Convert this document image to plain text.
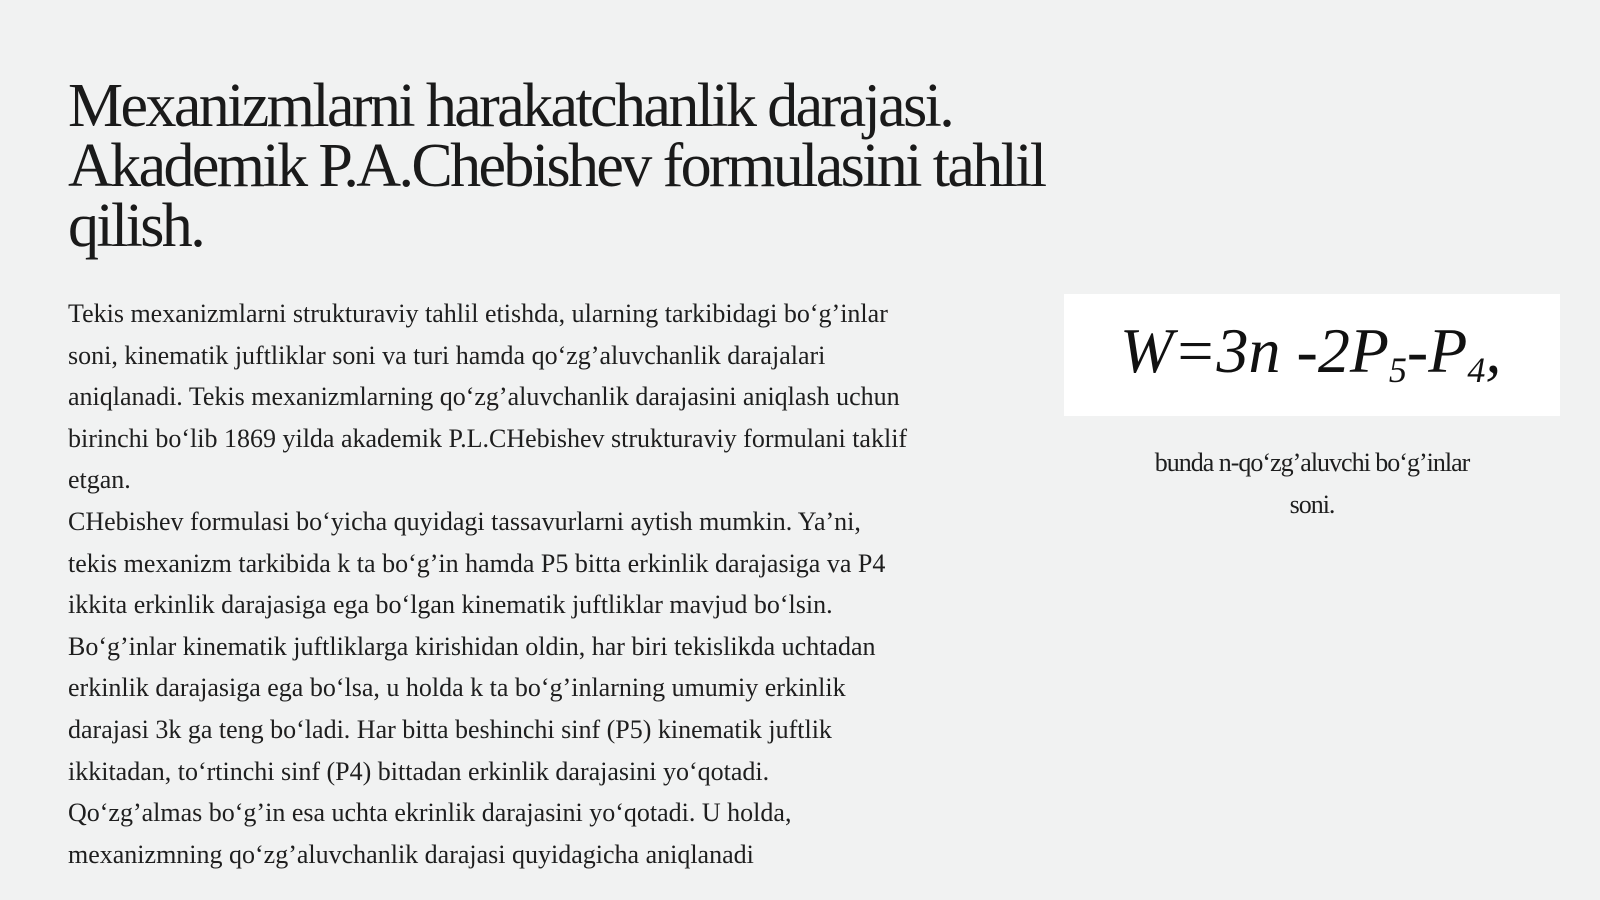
Mexanizmlarni harakatchanlik darajasi.
Akademik P.A.Chebishev formulasini tahlil
qilish.
Tekis mexanizmlarni strukturaviy tahlil etishda, ularning tarkibidagi bo‘g’inlar
soni, kinematik juftliklar soni va turi hamda qo‘zg’aluvchanlik darajalari
aniqlanadi. Tekis mexanizmlarning qo‘zg’aluvchanlik darajasini aniqlash uchun
birinchi bo‘lib 1869 yilda akademik P.L.CHebishev strukturaviy formulani taklif
etgan.
CHebishev formulasi bo‘yicha quyidagi tassavurlarni aytish mumkin. Ya’ni,
tekis mexanizm tarkibida k ta bo‘g’in hamda P5 bitta erkinlik darajasiga va P4
ikkita erkinlik darajasiga ega bo‘lgan kinematik juftliklar mavjud bo‘lsin.
Bo‘g’inlar kinematik juftliklarga kirishidan oldin, har biri tekislikda uchtadan
erkinlik darajasiga ega bo‘lsa, u holda k ta bo‘g’inlarning umumiy erkinlik
darajasi 3k ga teng bo‘ladi. Har bitta beshinchi sinf (P5) kinematik juftlik
ikkitadan, to‘rtinchi sinf (P4) bittadan erkinlik darajasini yo‘qotadi.
Qo‘zg’almas bo‘g’in esa uchta ekrinlik darajasini yo‘qotadi. U holda,
mexanizmning qo‘zg’aluvchanlik darajasi quyidagicha aniqlanadi
W=3n $-2P_5-P_4$,
bunda n-qo‘zg’aluvchi bo‘g’inlar
soni.
